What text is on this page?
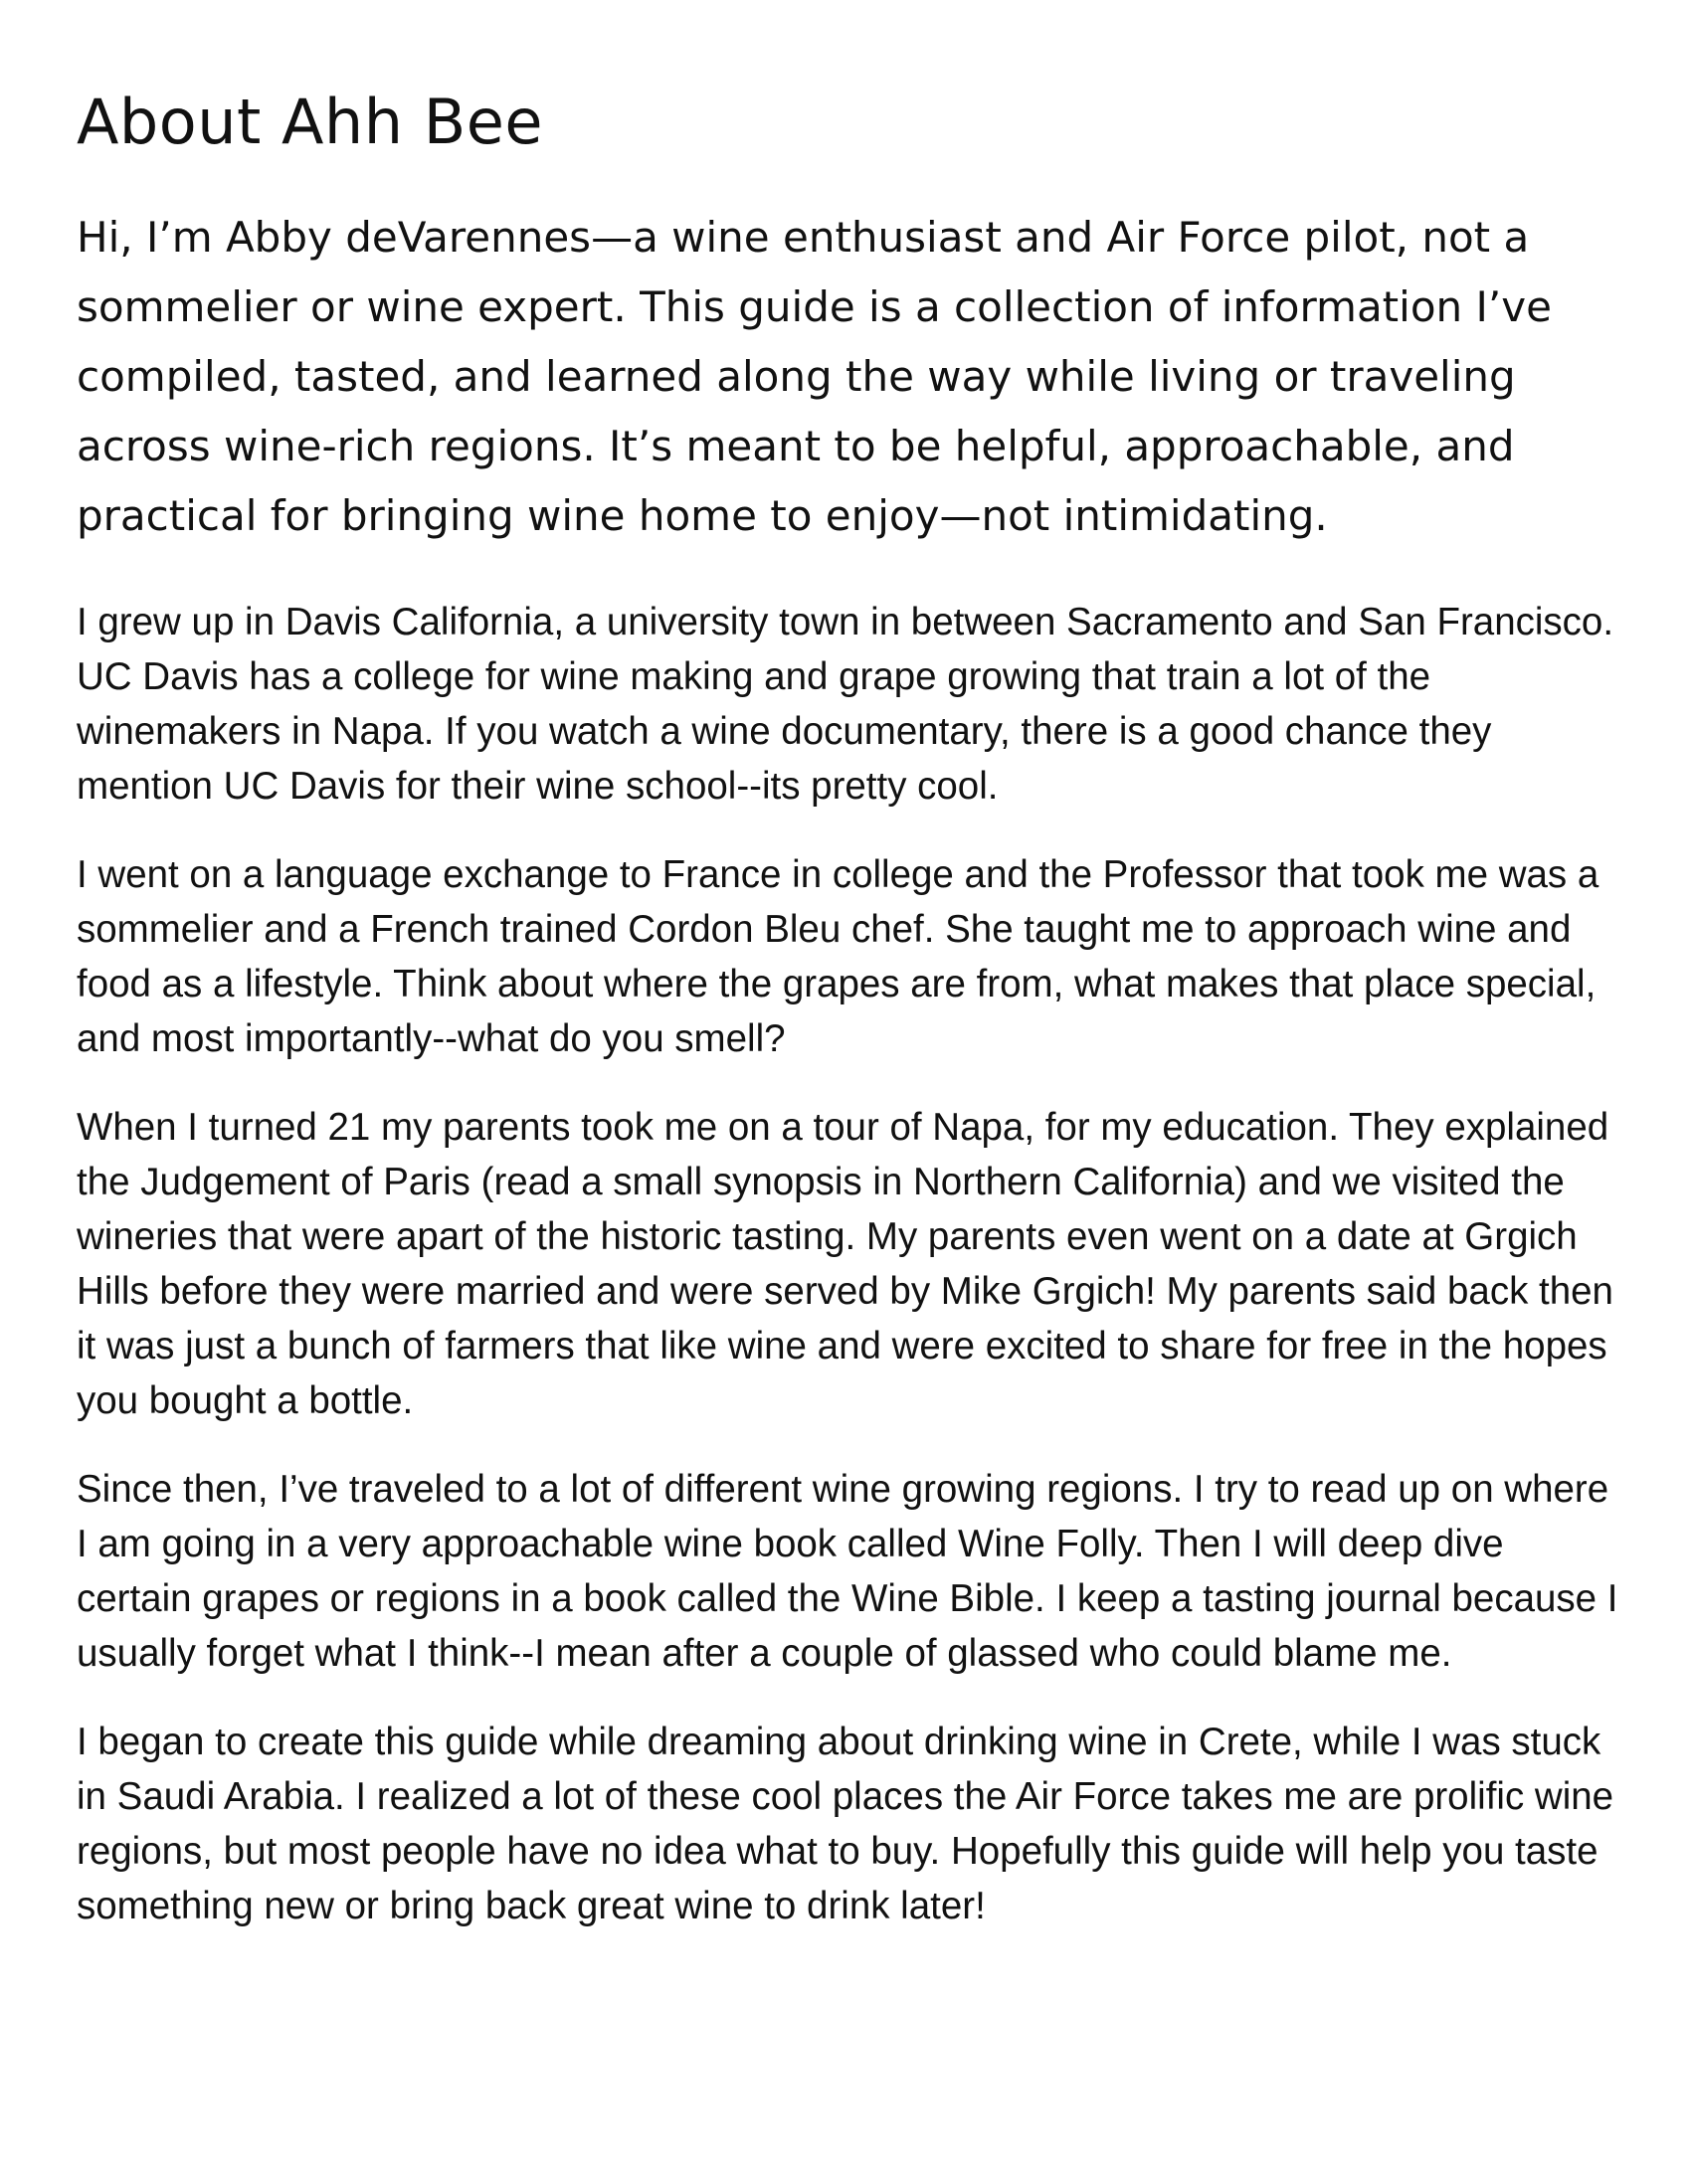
About Ahh Bee

Hi, I’m Abby deVarennes—a wine enthusiast and Air Force pilot, not a sommelier or wine expert. This guide is a collection of information I’ve compiled, tasted, and learned along the way while living or traveling across wine-rich regions. It’s meant to be helpful, approachable, and practical for bringing wine home to enjoy—not intimidating.

I grew up in Davis California, a university town in between Sacramento and San Francisco. UC Davis has a college for wine making and grape growing that train a lot of the winemakers in Napa. If you watch a wine documentary, there is a good chance they mention UC Davis for their wine school--its pretty cool.

I went on a language exchange to France in college and the Professor that took me was a sommelier and a French trained Cordon Bleu chef. She taught me to approach wine and food as a lifestyle. Think about where the grapes are from, what makes that place special, and most importantly--what do you smell?

When I turned 21 my parents took me on a tour of Napa, for my education. They explained the Judgement of Paris (read a small synopsis in Northern California) and we visited the wineries that were apart of the historic tasting. My parents even went on a date at Grgich Hills before they were married and were served by Mike Grgich! My parents said back then it was just a bunch of farmers that like wine and were excited to share for free in the hopes you bought a bottle.

Since then, I’ve traveled to a lot of different wine growing regions. I try to read up on where I am going in a very approachable wine book called Wine Folly. Then I will deep dive certain grapes or regions in a book called the Wine Bible. I keep a tasting journal because I usually forget what I think--I mean after a couple of glassed who could blame me.

I began to create this guide while dreaming about drinking wine in Crete, while I was stuck in Saudi Arabia. I realized a lot of these cool places the Air Force takes me are prolific wine regions, but most people have no idea what to buy. Hopefully this guide will help you taste something new or bring back great wine to drink later!
